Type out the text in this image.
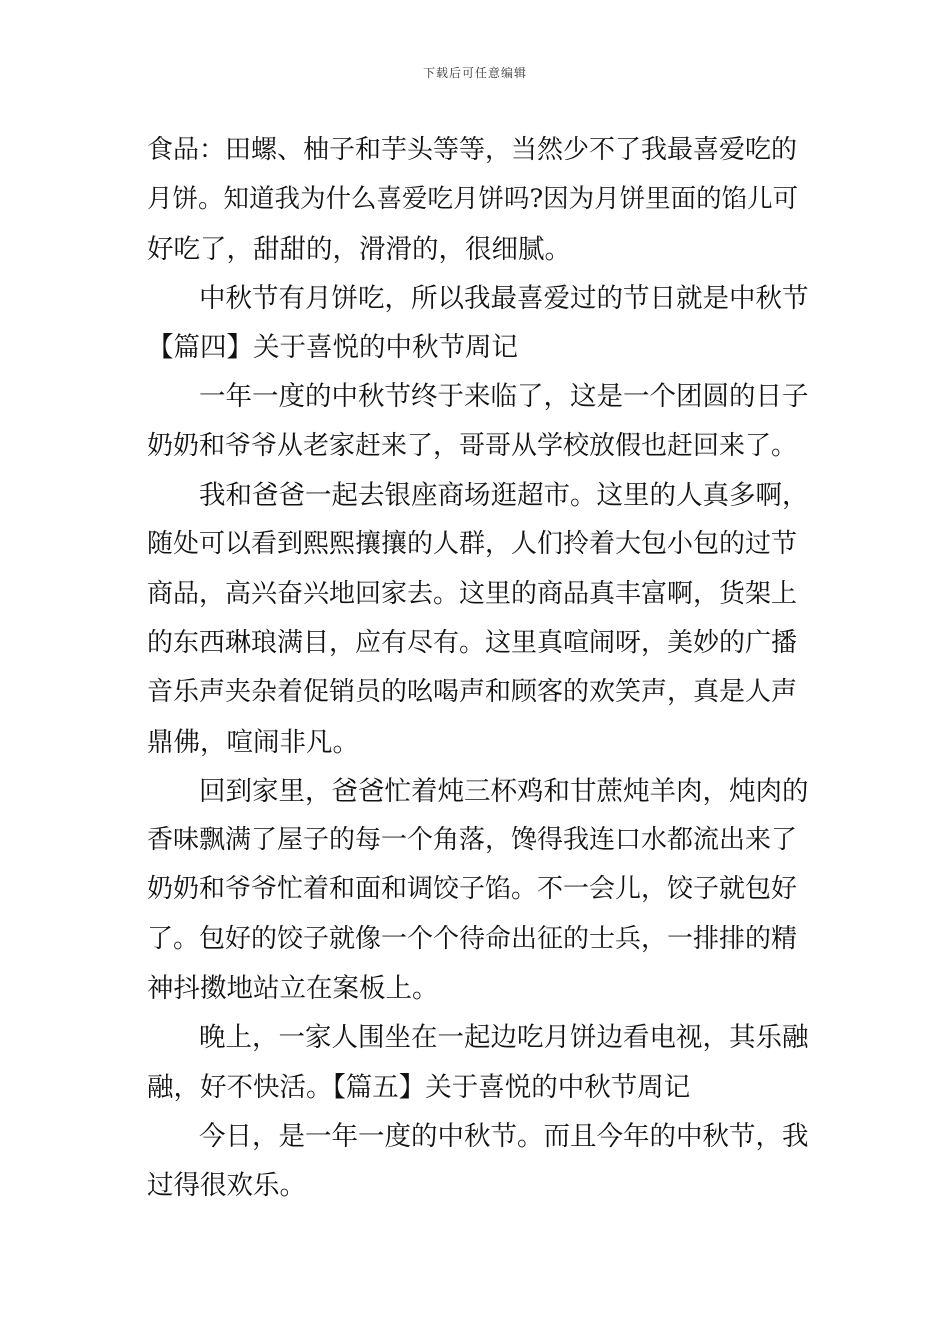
下载后可任意编辑
食品：田螺、柚子和芋头等等，当然少不了我最喜爱吃的
月饼。知道我为什么喜爱吃月饼吗?因为月饼里面的馅儿可
好吃了，甜甜的，滑滑的，很细腻。
中秋节有月饼吃，所以我最喜爱过的节日就是中秋节
【篇四】关于喜悦的中秋节周记
一年一度的中秋节终于来临了，这是一个团圆的日子
奶奶和爷爷从老家赶来了，哥哥从学校放假也赶回来了。
我和爸爸一起去银座商场逛超市。这里的人真多啊，
随处可以看到熙熙攘攘的人群，人们拎着大包小包的过节
商品，高兴奋兴地回家去。这里的商品真丰富啊，货架上
的东西琳琅满目，应有尽有。这里真喧闹呀，美妙的广播
音乐声夹杂着促销员的吆喝声和顾客的欢笑声，真是人声
鼎佛，喧闹非凡。
回到家里，爸爸忙着炖三杯鸡和甘蔗炖羊肉，炖肉的
香味飘满了屋子的每一个角落，馋得我连口水都流出来了
奶奶和爷爷忙着和面和调饺子馅。不一会儿，饺子就包好
了。包好的饺子就像一个个待命出征的士兵，一排排的精
神抖擞地站立在案板上。
晚上，一家人围坐在一起边吃月饼边看电视，其乐融
融，好不快活。【篇五】关于喜悦的中秋节周记
今日，是一年一度的中秋节。而且今年的中秋节，我
过得很欢乐。
